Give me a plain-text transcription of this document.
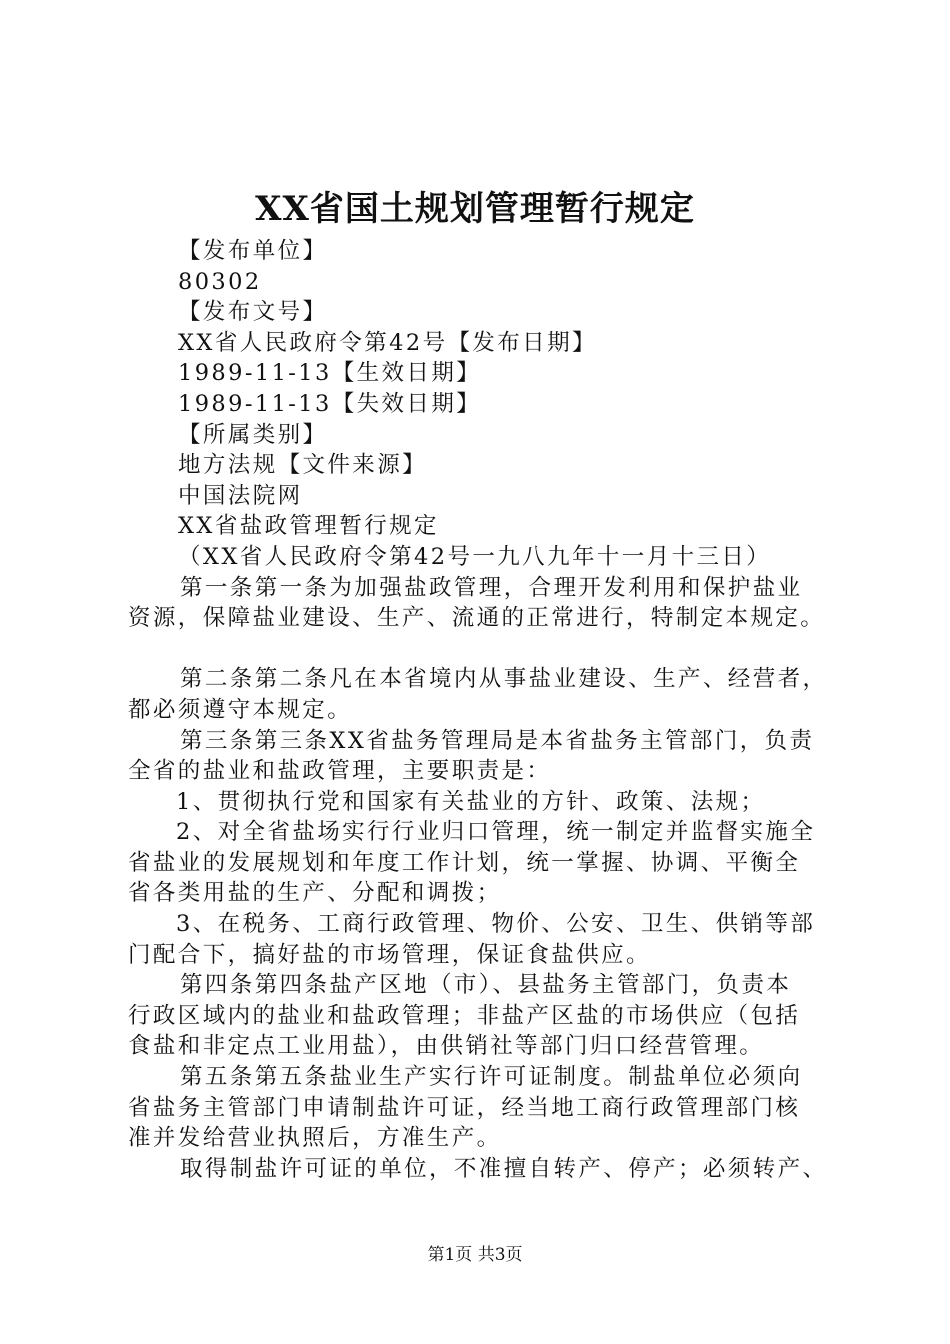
XX省国土规划管理暂行规定

【发布单位】

80302

【发布文号】

XX省人民政府令第42号【发布日期】

1989-11-13【生效日期】

1989-11-13【失效日期】

【所属类别】

地方法规【文件来源】

中国法院网

XX省盐政管理暂行规定

（XX省人民政府令第42号一九八九年十一月十三日）

第一条第一条为加强盐政管理，合理开发利用和保护盐业

资源，保障盐业建设、生产、流通的正常进行，特制定本规定。

第二条第二条凡在本省境内从事盐业建设、生产、经营者，

都必须遵守本规定。

第三条第三条XX省盐务管理局是本省盐务主管部门，负责

全省的盐业和盐政管理，主要职责是：

1、贯彻执行党和国家有关盐业的方针、政策、法规；

2、对全省盐场实行行业归口管理，统一制定并监督实施全

省盐业的发展规划和年度工作计划，统一掌握、协调、平衡全

省各类用盐的生产、分配和调拨；

3、在税务、工商行政管理、物价、公安、卫生、供销等部

门配合下，搞好盐的市场管理，保证食盐供应。

第四条第四条盐产区地（市）、县盐务主管部门，负责本

行政区域内的盐业和盐政管理；非盐产区盐的市场供应（包括

食盐和非定点工业用盐），由供销社等部门归口经营管理。

第五条第五条盐业生产实行许可证制度。制盐单位必须向

省盐务主管部门申请制盐许可证，经当地工商行政管理部门核

准并发给营业执照后，方准生产。

取得制盐许可证的单位，不准擅自转产、停产；必须转产、

第1页 共3页
